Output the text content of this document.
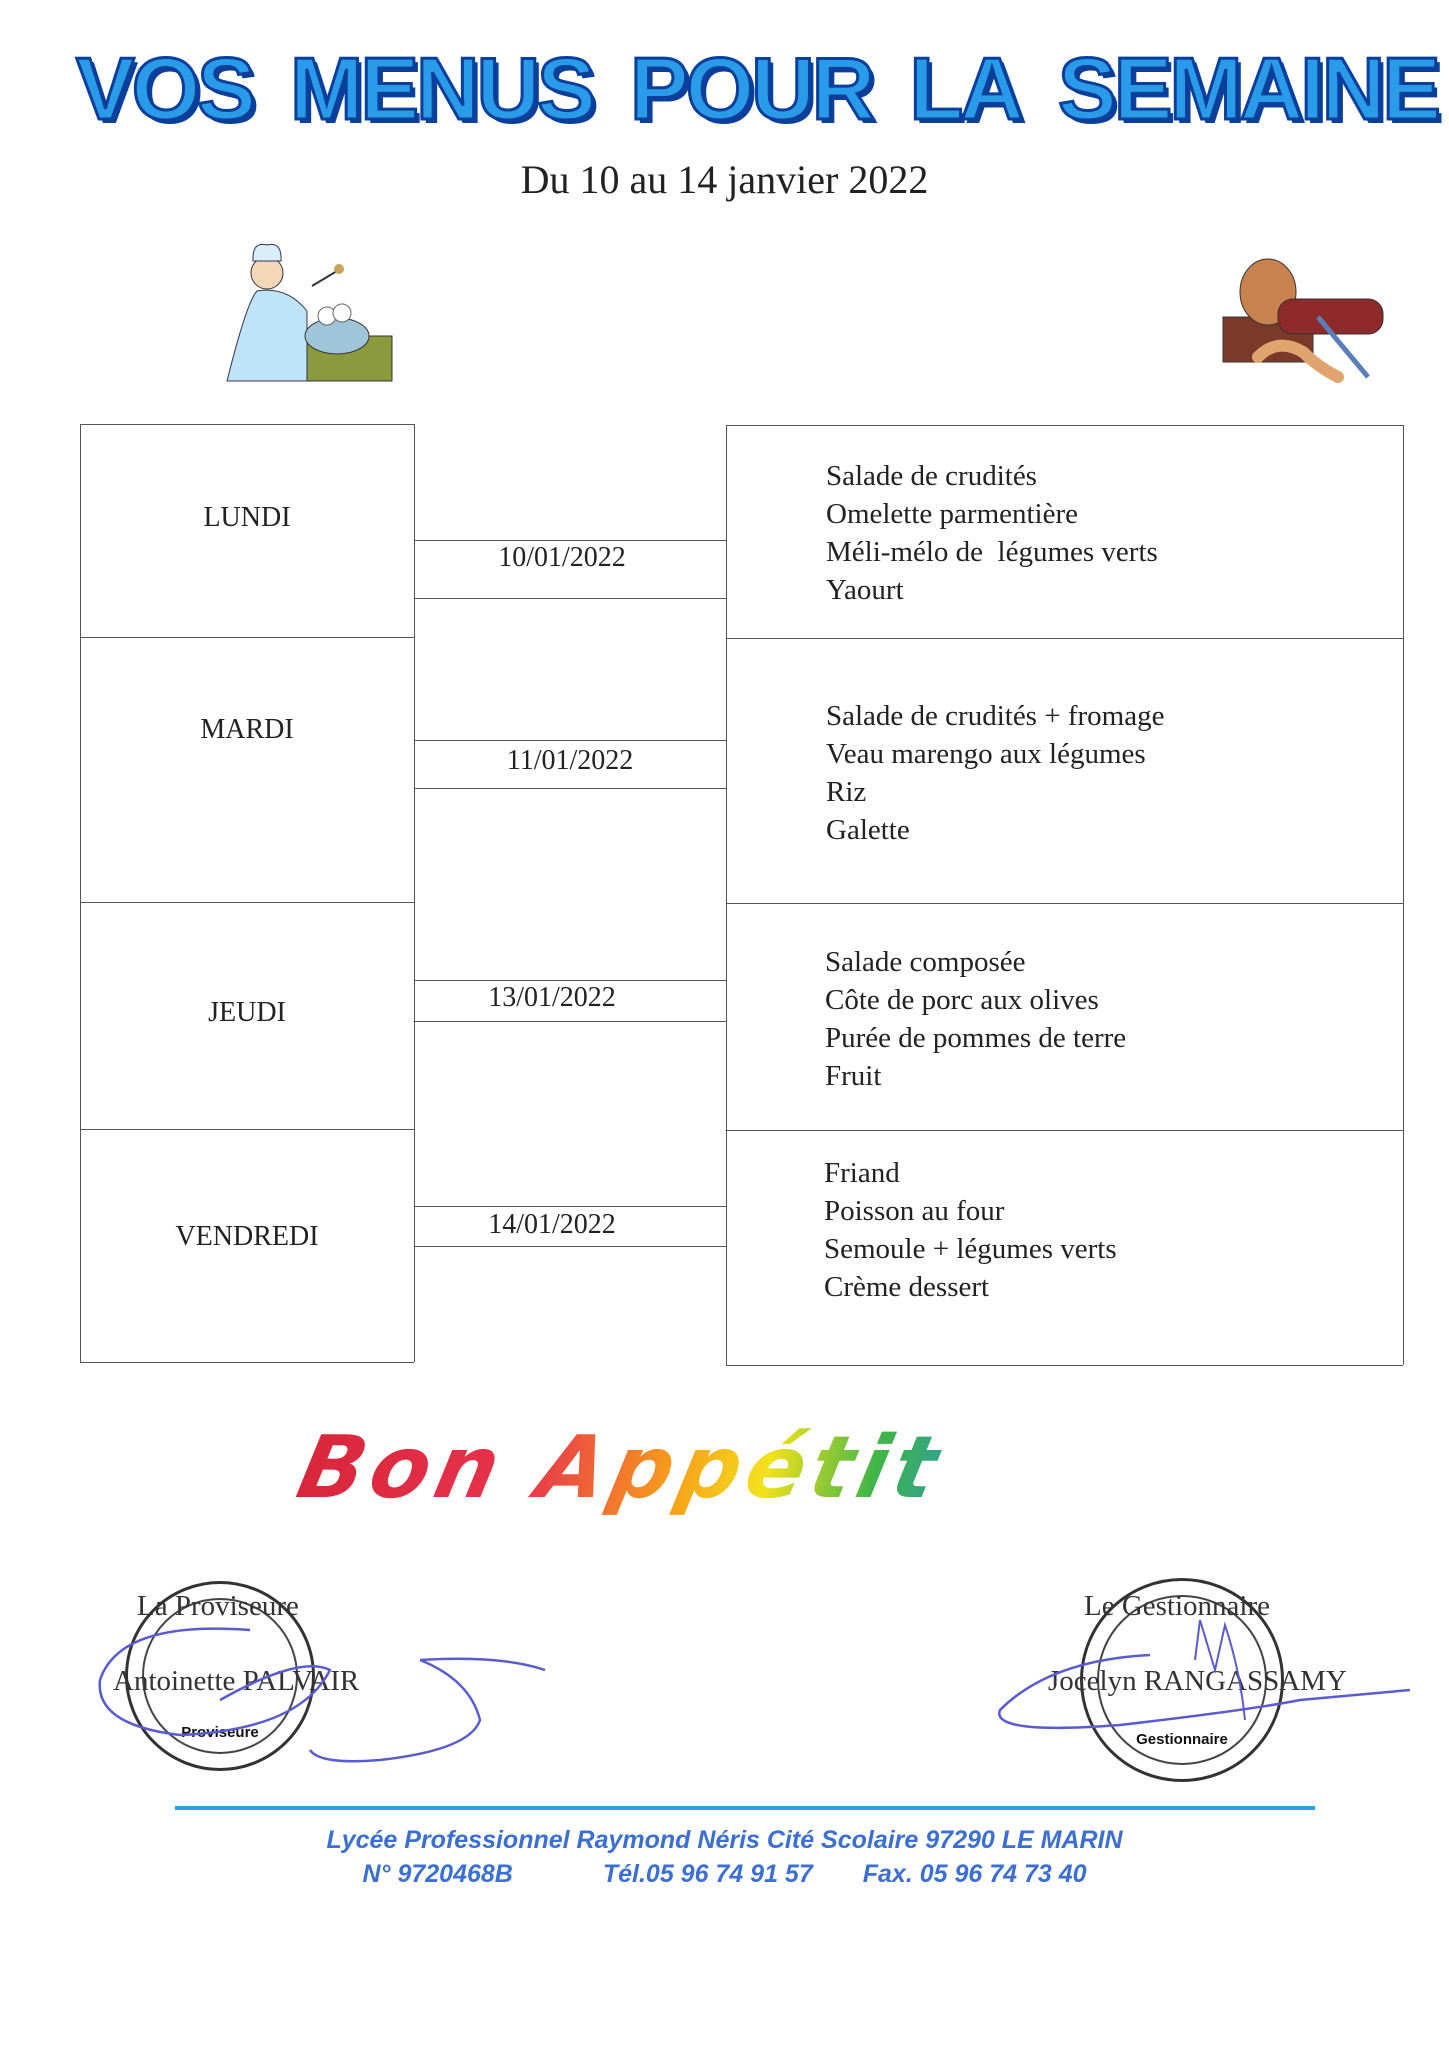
VOS MENUS POUR LA SEMAINE
Du 10 au 14 janvier 2022
LUNDI
MARDI
JEUDI
VENDREDI
10/01/2022
11/01/2022
13/01/2022
14/01/2022
Salade de crudités
Omelette parmentière
Méli-mélo de  légumes verts
Yaourt
Salade de crudités + fromage
Veau marengo aux légumes
Riz
Galette
Salade composée
Côte de porc aux olives
Purée de pommes de terre
Fruit
Friand
Poisson au four
Semoule + légumes verts
Crème dessert
Bon Appétit
Proviseure
La Proviseure
Antoinette PALVAIR
Gestionnaire
Le Gestionnaire
Jocelyn RANGASSAMY
Lycée Professionnel Raymond Néris Cité Scolaire 97290 LE MARIN
N° 9720468B	Tél.05 96 74 91 57 Fax. 05 96 74 73 40
